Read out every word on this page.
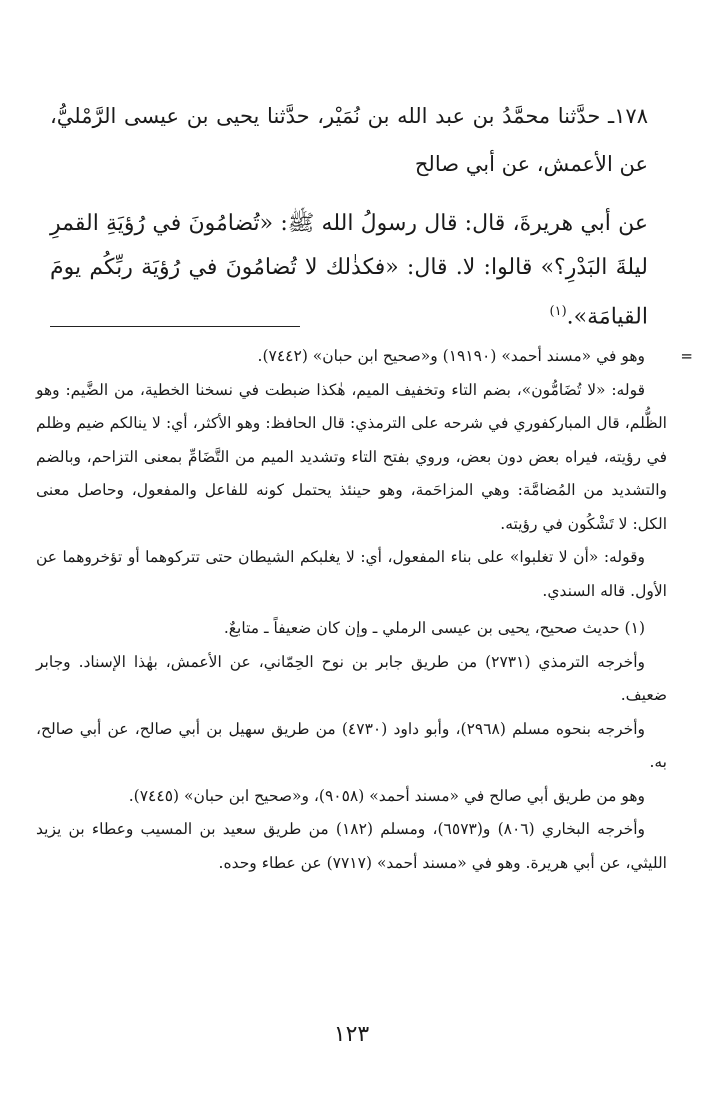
١٧٨ـ حدَّثنا محمَّدُ بن عبد الله بن نُمَيْر، حدَّثنا يحيى بن عيسى الرَّمْليُّ، عن الأعمش، عن أبي صالح

عن أبي هريرةَ، قال: قال رسولُ الله ﷺ: «تُضامُونَ في رُؤيَةِ القمرِ ليلةَ البَدْرِ؟» قالوا: لا. قال: «فكذٰلك لا تُضامُونَ في رُؤيَة ربِّكُم يومَ القيامَة».$^{(١)}$

=
وهو في «مسند أحمد» (١٩١٩٠) و«صحيح ابن حبان» (٧٤٤٢).

قوله: «لا تُضَامُّون»، بضم التاء وتخفيف الميم، هٰكذا ضبطت في نسخنا الخطية، من الضَّيم: وهو الظُّلم، قال المباركفوري في شرحه على الترمذي: قال الحافظ: وهو الأكثر، أي: لا ينالكم ضيم وظلم في رؤيته، فيراه بعض دون بعض، وروي بفتح التاء وتشديد الميم من التَّضَامِّ بمعنى التزاحم، وبالضم والتشديد من المُضامَّة: وهي المزاحَمة، وهو حينئذ يحتمل كونه للفاعل والمفعول، وحاصل معنى الكل: لا تَشْكُون في رؤيته.

وقوله: «أن لا تغلبوا» على بناء المفعول، أي: لا يغلبكم الشيطان حتى تتركوهما أو تؤخروهما عن الأول. قاله السندي.

(١) حديث صحيح، يحيى بن عيسى الرملي ـ وإن كان ضعيفاً ـ متابعٌ.

وأخرجه الترمذي (٢٧٣١) من طريق جابر بن نوح الحِمّاني، عن الأعمش، بهٰذا الإسناد. وجابر ضعيف.

وأخرجه بنحوه مسلم (٢٩٦٨)، وأبو داود (٤٧٣٠) من طريق سهيل بن أبي صالح، عن أبي صالح، به.

وهو من طريق أبي صالح في «مسند أحمد» (٩٠٥٨)، و«صحيح ابن حبان» (٧٤٤٥).

وأخرجه البخاري (٨٠٦) و(٦٥٧٣)، ومسلم (١٨٢) من طريق سعيد بن المسيب وعطاء بن يزيد الليثي، عن أبي هريرة. وهو في «مسند أحمد» (٧٧١٧) عن عطاء وحده.

١٢٣
